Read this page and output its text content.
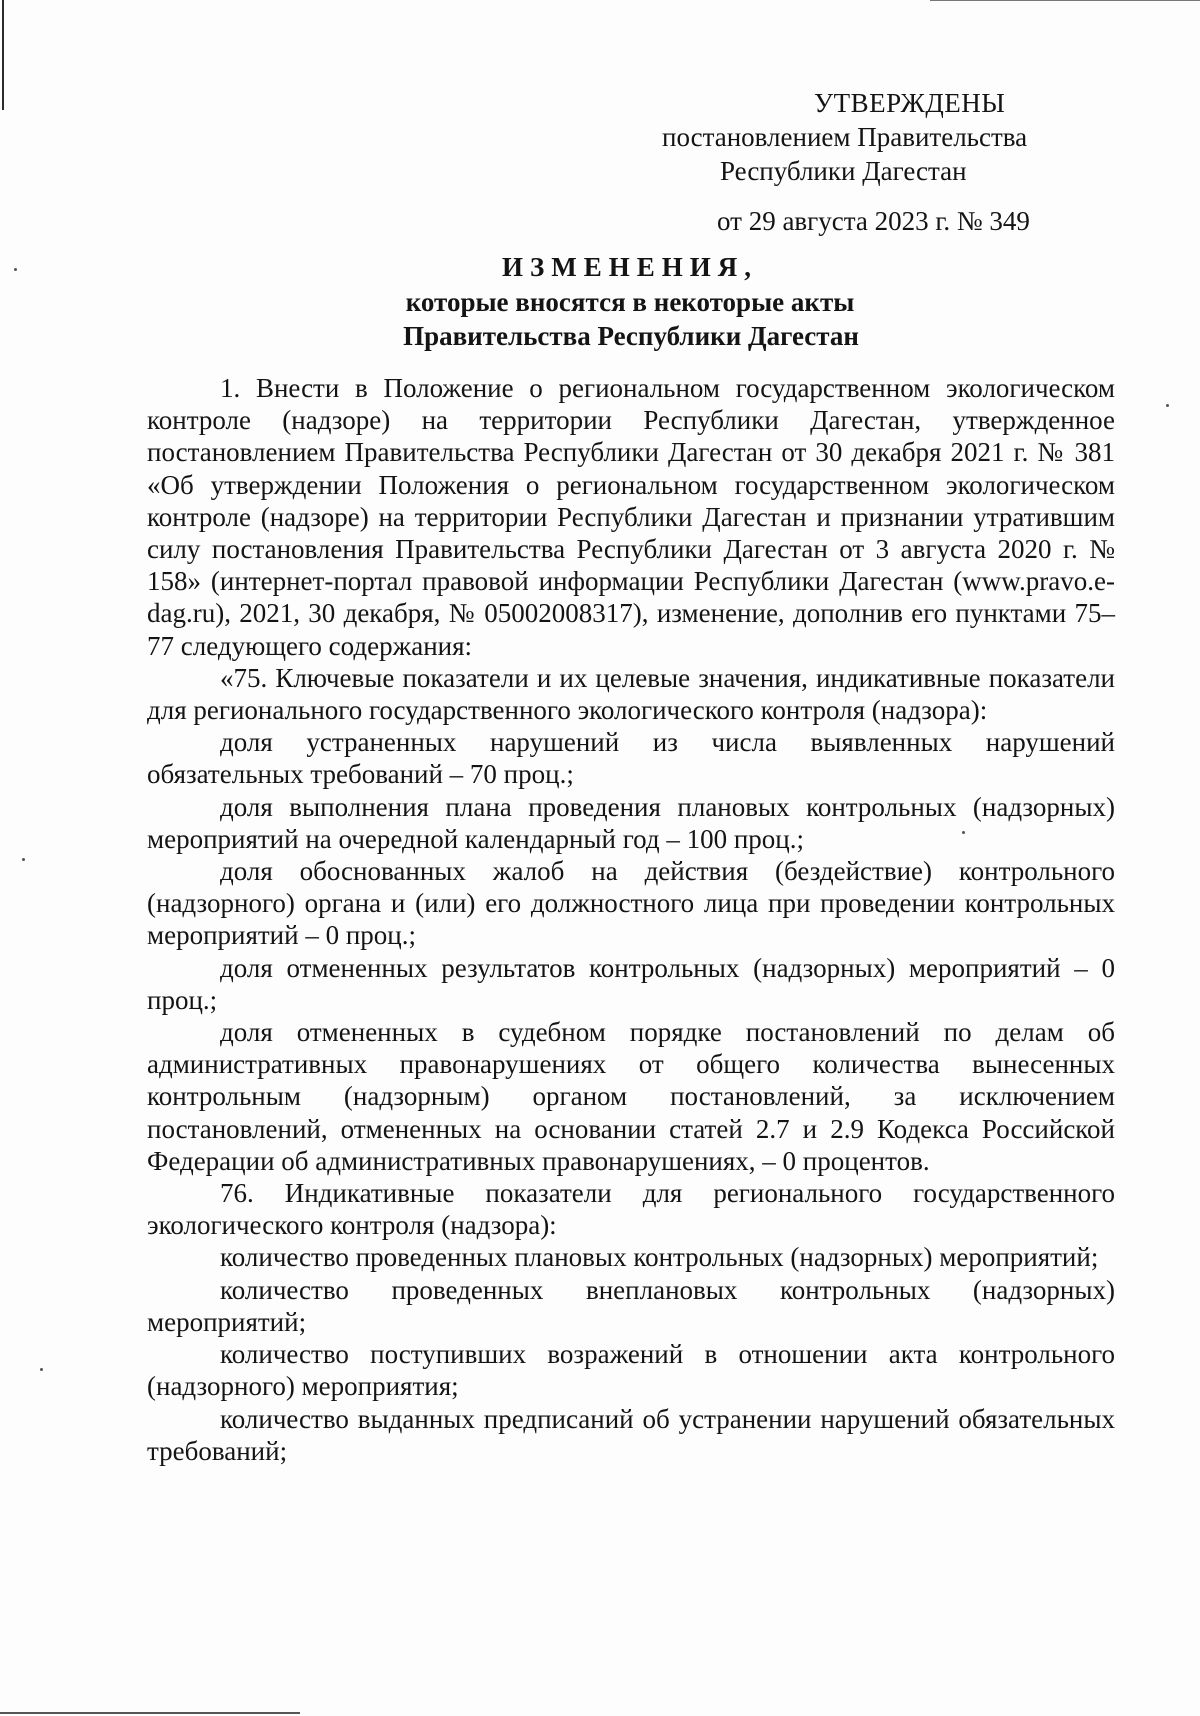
УТВЕРЖДЕНЫ
постановлением Правительства
Республики Дагестан
от 29 августа 2023 г. № 349
ИЗМЕНЕНИЯ,
которые вносятся в некоторые акты
Правительства Республики Дагестан

1. Внести в Положение о региональном государственном экологическом контроле (надзоре) на территории Республики Дагестан, утвержденное постановлением Правительства Республики Дагестан от 30 декабря 2021 г. № 381 «Об утверждении Положения о региональном государственном экологическом контроле (надзоре) на территории Республики Дагестан и признании утратившим силу постановления Правительства Республики Дагестан от 3 августа 2020 г. № 158» (интернет-портал правовой информации Республики Дагестан (www.pravo.e-dag.ru), 2021, 30 декабря, № 05002008317), изменение, дополнив его пунктами 75–77 следующего содержания:

«75. Ключевые показатели и их целевые значения, индикативные показатели для регионального государственного экологического контроля (надзора):

доля устраненных нарушений из числа выявленных нарушений обязательных требований – 70 проц.;

доля выполнения плана проведения плановых контрольных (надзорных) мероприятий на очередной календарный год – 100 проц.;

доля обоснованных жалоб на действия (бездействие) контрольного (надзорного) органа и (или) его должностного лица при проведении контрольных мероприятий – 0 проц.;

доля отмененных результатов контрольных (надзорных) мероприятий – 0 проц.;

доля отмененных в судебном порядке постановлений по делам об административных правонарушениях от общего количества вынесенных контрольным (надзорным) органом постановлений, за исключением постановлений, отмененных на основании статей 2.7 и 2.9 Кодекса Российской Федерации об административных правонарушениях, – 0 процентов.

76. Индикативные показатели для регионального государственного экологического контроля (надзора):

количество проведенных плановых контрольных (надзорных) мероприятий;

количество проведенных внеплановых контрольных (надзорных) мероприятий;

количество поступивших возражений в отношении акта контрольного (надзорного) мероприятия;

количество выданных предписаний об устранении нарушений обязательных требований;
